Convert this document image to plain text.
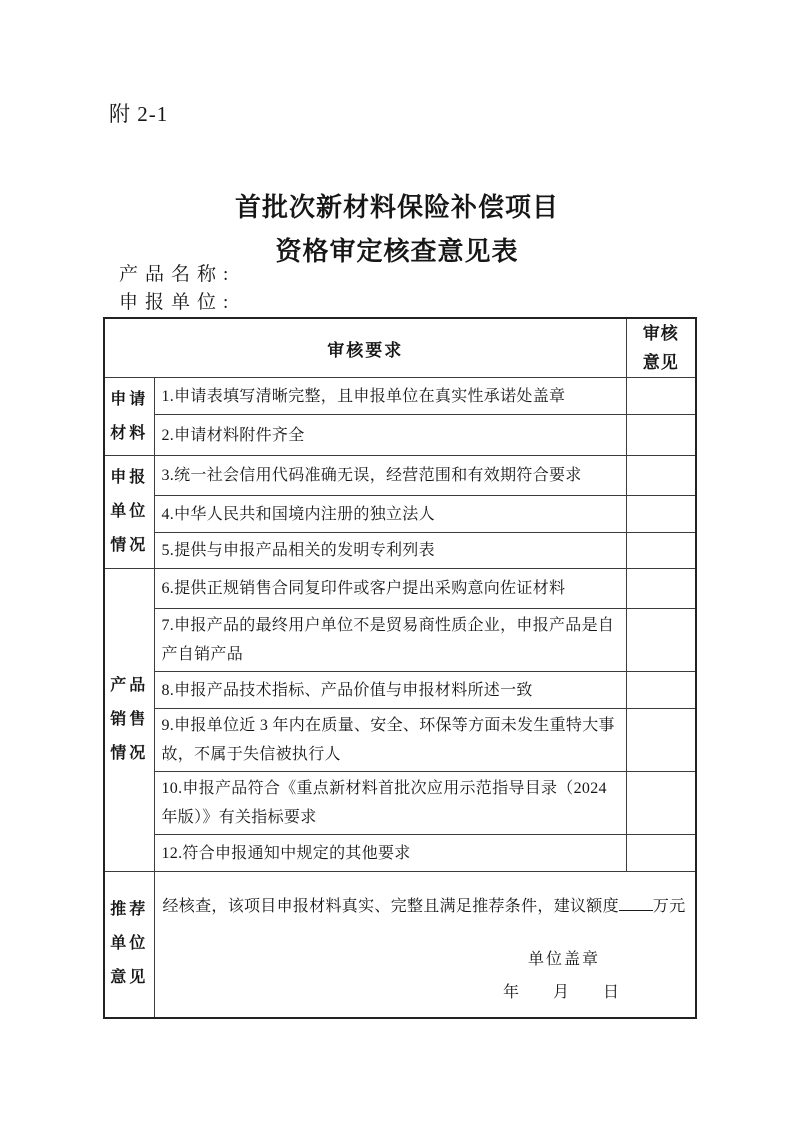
附 2-1
首批次新材料保险补偿项目
资格审定核查意见表
产品名称:
申报单位:
审核要求		审核
意见

申请材料	1.申请表填写清晰完整，且申报单位在真实性承诺处盖章	
	2.申请材料附件齐全	
申报单位情况	3.统一社会信用代码准确无误，经营范围和有效期符合要求	
	4.中华人民共和国境内注册的独立法人	
	5.提供与申报产品相关的发明专利列表	
产品销售情况	6.提供正规销售合同复印件或客户提出采购意向佐证材料	
	7.申报产品的最终用户单位不是贸易商性质企业，申报产品是自产自销产品	
	8.申报产品技术指标、产品价值与申报材料所述一致	
	9.申报单位近 3 年内在质量、安全、环保等方面未发生重特大事故，不属于失信被执行人	
	10.申报产品符合《重点新材料首批次应用示范指导目录（2024 年版）》有关指标要求	
	12.符合申报通知中规定的其他要求	
推荐单位意见	经核查，该项目申报材料真实、完整且满足推荐条件，建议额度 万元
单位盖章
年 月 日	
